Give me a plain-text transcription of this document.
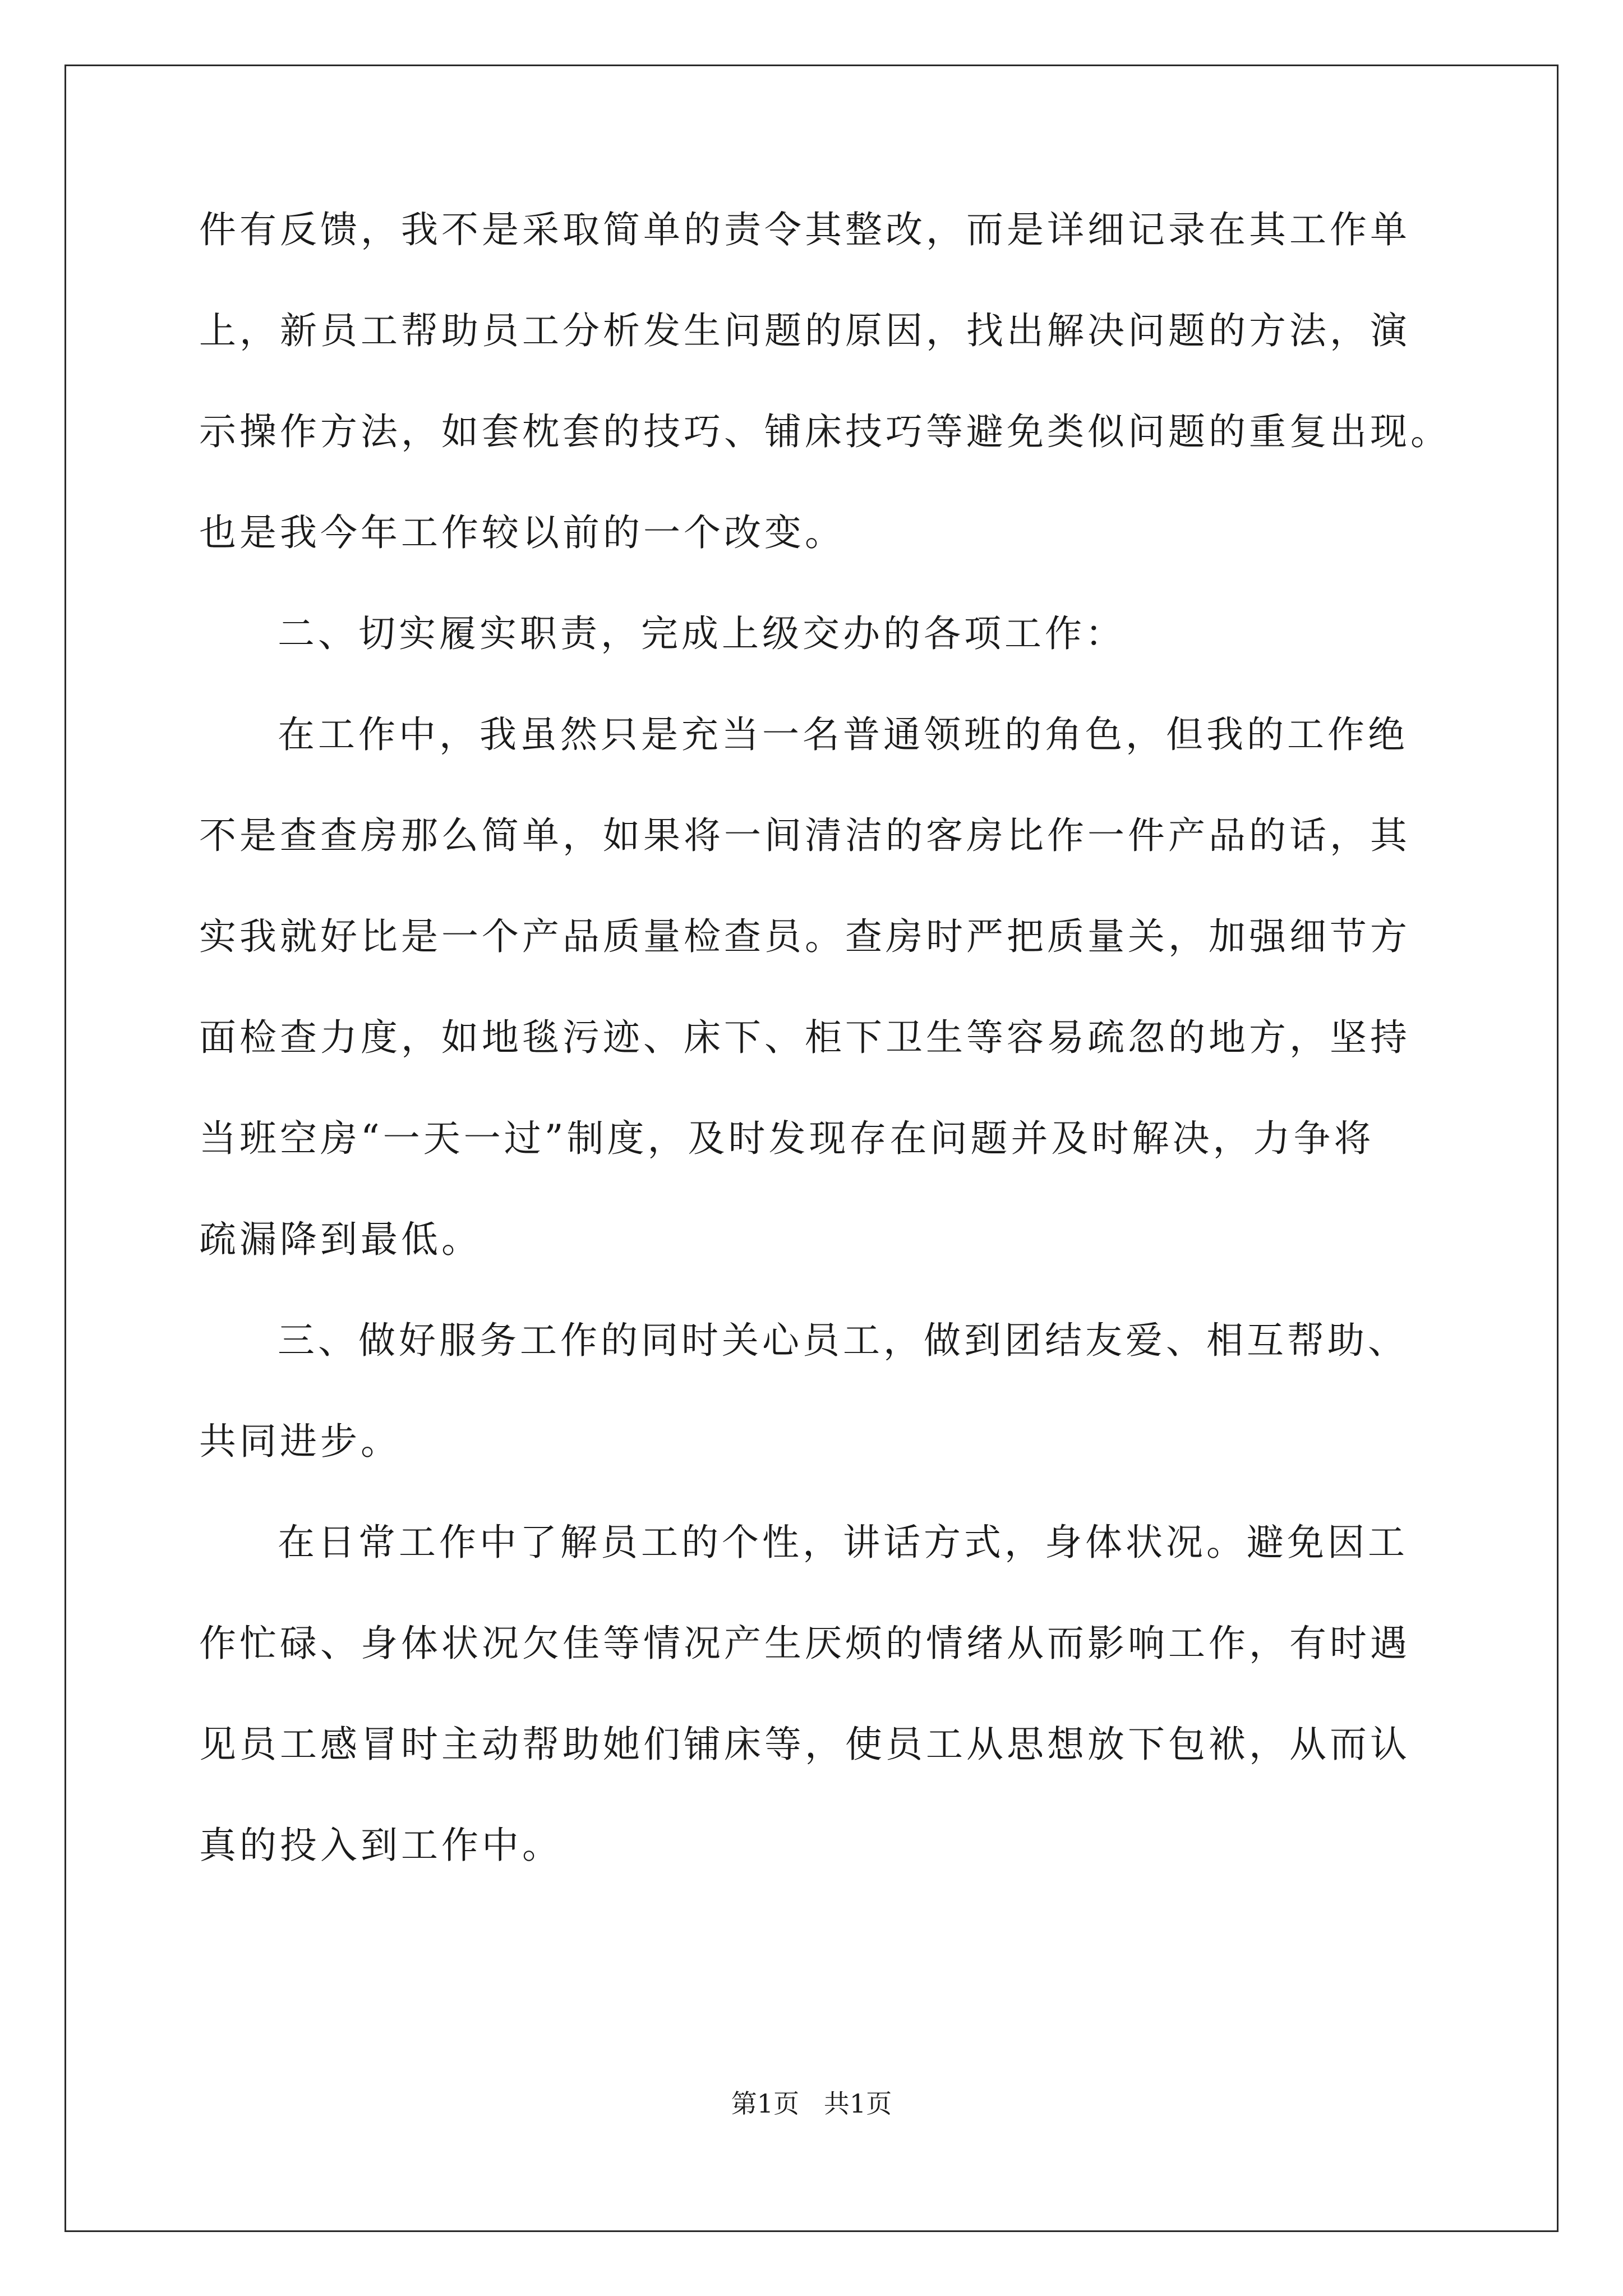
件有反馈，我不是采取简单的责令其整改，而是详细记录在其工作单
上，新员工帮助员工分析发生问题的原因，找出解决问题的方法，演
示操作方法，如套枕套的技巧、铺床技巧等避免类似问题的重复出现。
也是我今年工作较以前的一个改变。
二、切实履实职责，完成上级交办的各项工作：
在工作中，我虽然只是充当一名普通领班的角色，但我的工作绝
不是查查房那么简单，如果将一间清洁的客房比作一件产品的话，其
实我就好比是一个产品质量检查员。查房时严把质量关，加强细节方
面检查力度，如地毯污迹、床下、柜下卫生等容易疏忽的地方，坚持
当班空房“一天一过”制度，及时发现存在问题并及时解决，力争将
疏漏降到最低。
三、做好服务工作的同时关心员工，做到团结友爱、相互帮助、
共同进步。
在日常工作中了解员工的个性，讲话方式，身体状况。避免因工
作忙碌、身体状况欠佳等情况产生厌烦的情绪从而影响工作，有时遇
见员工感冒时主动帮助她们铺床等，使员工从思想放下包袱，从而认
真的投入到工作中。
第1页   共1页
